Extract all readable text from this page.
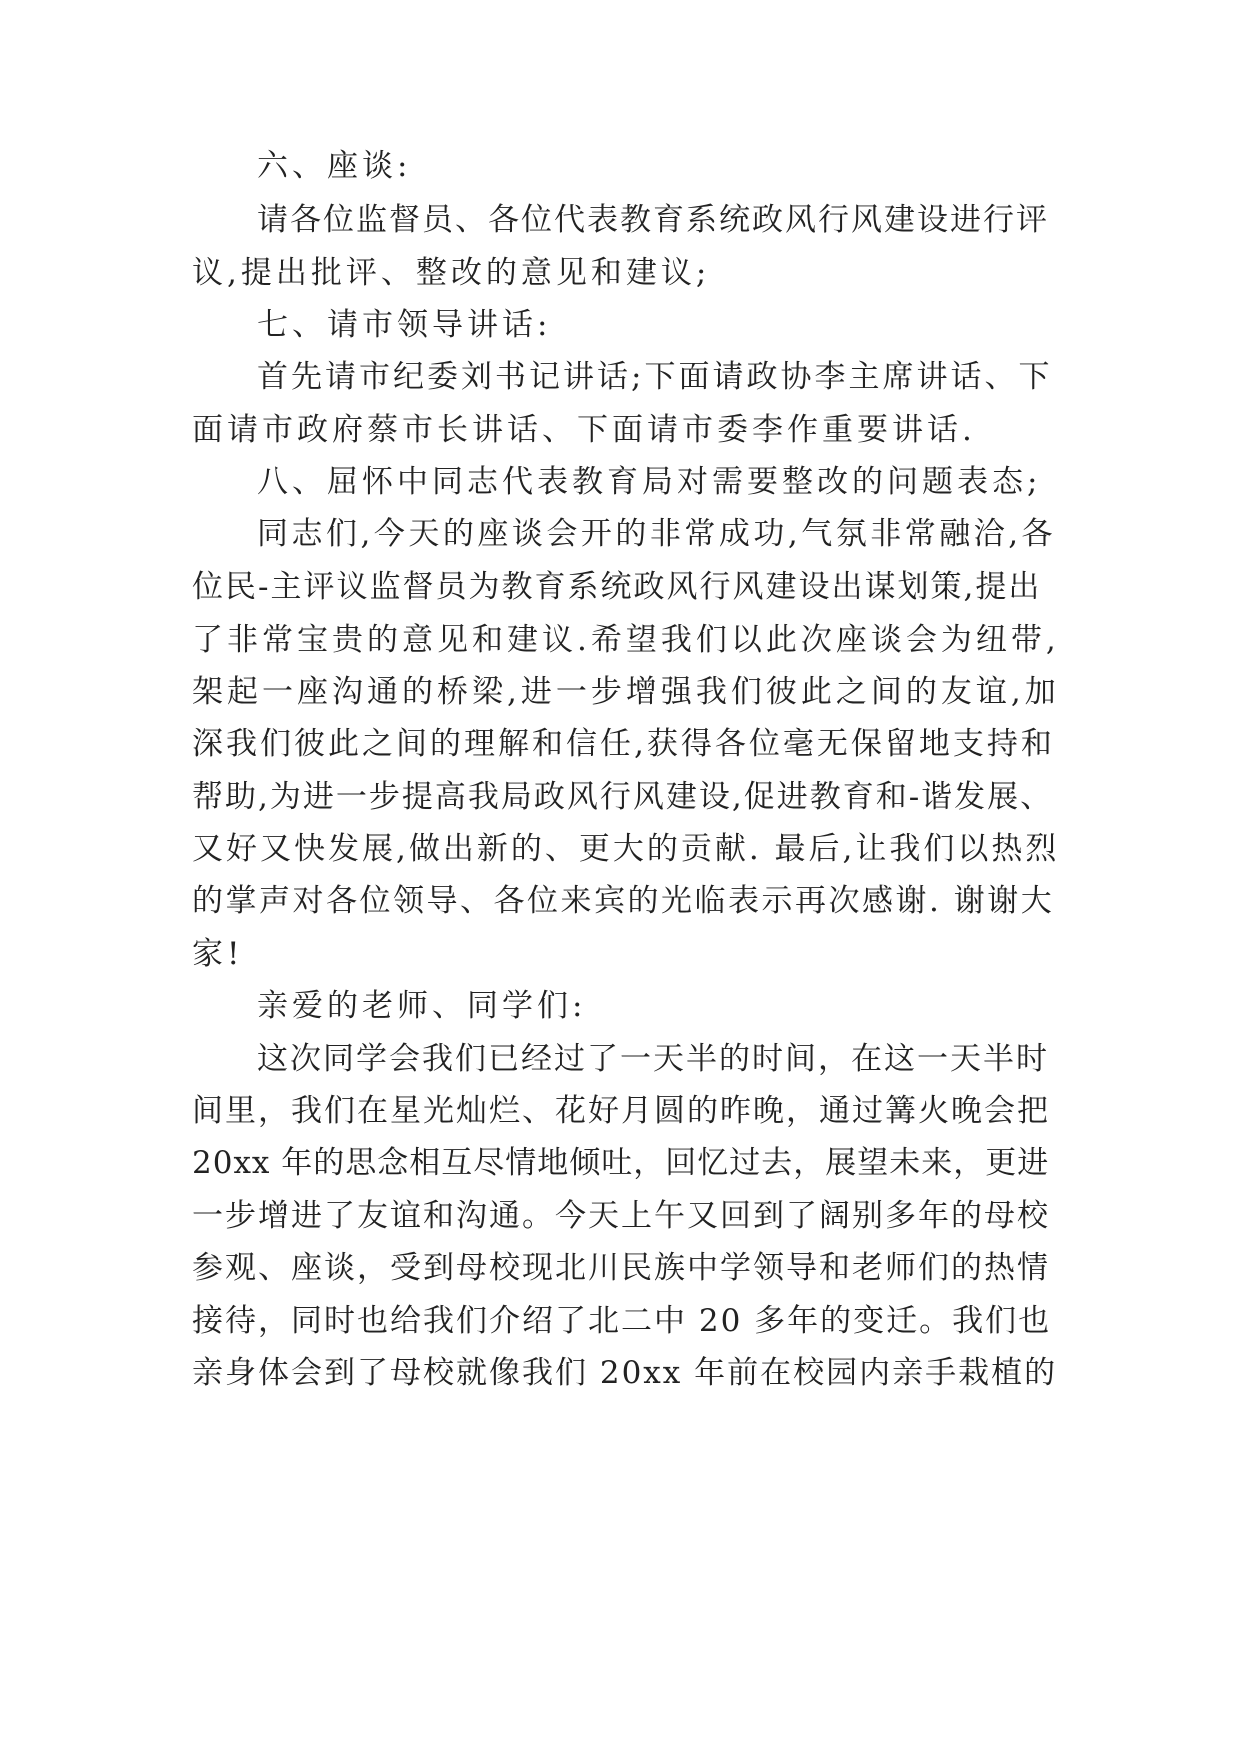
六、座谈:
请各位监督员、各位代表教育系统政风行风建设进行评
议,提出批评、整改的意见和建议;
七、请市领导讲话:
首先请市纪委刘书记讲话;下面请政协李主席讲话、下
面请市政府蔡市长讲话、下面请市委李作重要讲话.
八、屈怀中同志代表教育局对需要整改的问题表态;
同志们,今天的座谈会开的非常成功,气氛非常融洽,各
位民-主评议监督员为教育系统政风行风建设出谋划策,提出
了非常宝贵的意见和建议.希望我们以此次座谈会为纽带,
架起一座沟通的桥梁,进一步增强我们彼此之间的友谊,加
深我们彼此之间的理解和信任,获得各位毫无保留地支持和
帮助,为进一步提高我局政风行风建设,促进教育和-谐发展、
又好又快发展,做出新的、更大的贡献. 最后,让我们以热烈
的掌声对各位领导、各位来宾的光临表示再次感谢. 谢谢大
家!
亲爱的老师、同学们:
这次同学会我们已经过了一天半的时间，在这一天半时
间里，我们在星光灿烂、花好月圆的昨晚，通过篝火晚会把
20xx 年的思念相互尽情地倾吐，回忆过去，展望未来，更进
一步增进了友谊和沟通。今天上午又回到了阔别多年的母校
参观、座谈，受到母校现北川民族中学领导和老师们的热情
接待，同时也给我们介绍了北二中 20 多年的变迁。我们也
亲身体会到了母校就像我们 20xx 年前在校园内亲手栽植的
